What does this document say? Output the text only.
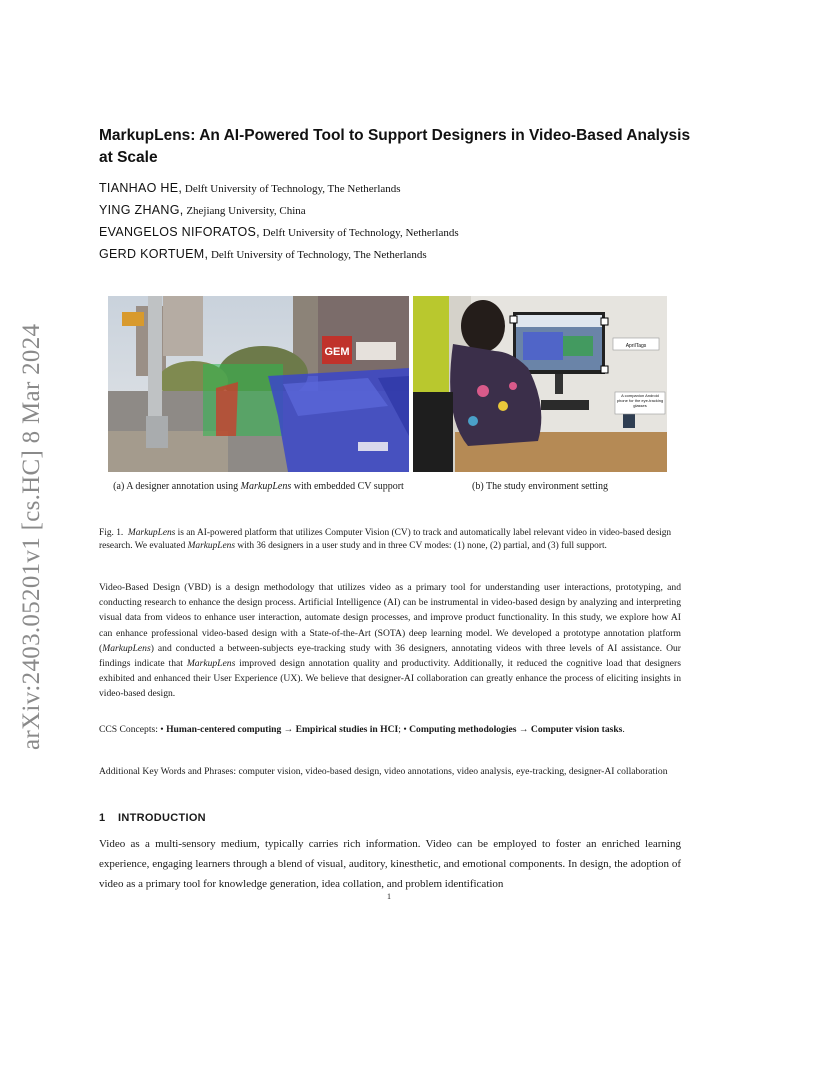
arXiv:2403.05201v1 [cs.HC] 8 Mar 2024
MarkupLens: An AI-Powered Tool to Support Designers in Video-Based Analysis at Scale
TIANHAO HE, Delft University of Technology, The Netherlands
YING ZHANG, Zhejiang University, China
EVANGELOS NIFORATOS, Delft University of Technology, Netherlands
GERD KORTUEM, Delft University of Technology, The Netherlands
GEM	AprilTags
A companion Android phone for the eye-tracking glasses
(a) A designer annotation using MarkupLens with embedded CV support	(b) The study environment setting
Fig. 1. MarkupLens is an AI-powered platform that utilizes Computer Vision (CV) to track and automatically label relevant video in video-based design research. We evaluated MarkupLens with 36 designers in a user study and in three CV modes: (1) none, (2) partial, and (3) full support.
Video-Based Design (VBD) is a design methodology that utilizes video as a primary tool for understanding user interactions, prototyping, and conducting research to enhance the design process. Artificial Intelligence (AI) can be instrumental in video-based design by analyzing and interpreting visual data from videos to enhance user interaction, automate design processes, and improve product functionality. In this study, we explore how AI can enhance professional video-based design with a State-of-the-Art (SOTA) deep learning model. We developed a prototype annotation platform (MarkupLens) and conducted a between-subjects eye-tracking study with 36 designers, annotating videos with three levels of AI assistance. Our findings indicate that MarkupLens improved design annotation quality and productivity. Additionally, it reduced the cognitive load that designers exhibited and enhanced their User Experience (UX). We believe that designer-AI collaboration can greatly enhance the process of eliciting insights in video-based design.
CCS Concepts: • Human-centered computing → Empirical studies in HCI; • Computing methodologies → Computer vision tasks.
Additional Key Words and Phrases: computer vision, video-based design, video annotations, video analysis, eye-tracking, designer-AI collaboration
1 INTRODUCTION
Video as a multi-sensory medium, typically carries rich information. Video can be employed to foster an enriched learning experience, engaging learners through a blend of visual, auditory, kinesthetic, and emotional components. In design, the adoption of video as a primary tool for knowledge generation, idea collation, and problem identification
1
